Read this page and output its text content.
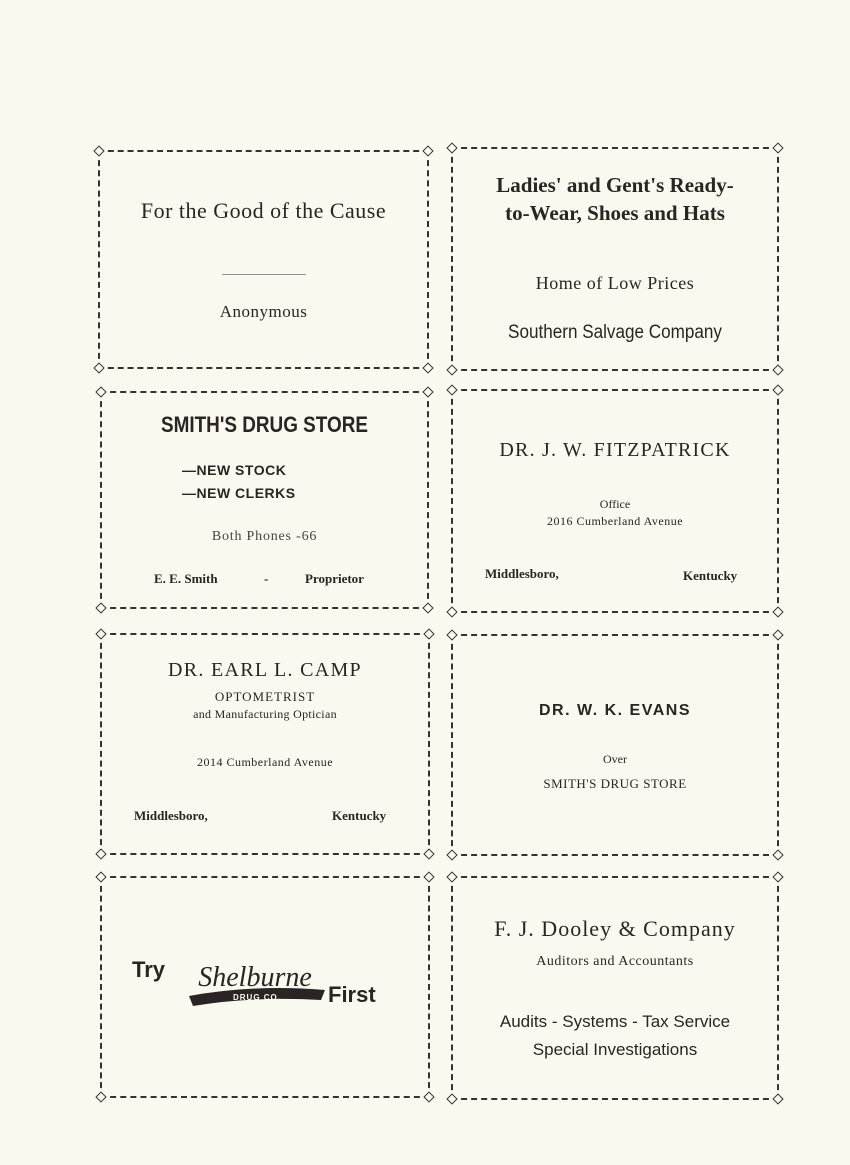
For the Good of the Cause
Anonymous
Ladies' and Gent's Ready-to-Wear, Shoes and Hats
Home of Low Prices
Southern Salvage Company
SMITH'S DRUG STORE
—NEW STOCK
—NEW CLERKS
Both Phones -66
E. E. Smith	-	Proprietor
DR. J. W. FITZPATRICK
Office
2016 Cumberland Avenue
Middlesboro,	Kentucky
DR. EARL L. CAMP
OPTOMETRIST
and Manufacturing Optician
2014 Cumberland Avenue
Middlesboro,	Kentucky
DR. W. K. EVANS
Over
SMITH'S DRUG STORE
Try	Shelburne
DRUG CO. First
F. J. Dooley & Company
Auditors and Accountants
Audits - Systems - Tax Service
Special Investigations
